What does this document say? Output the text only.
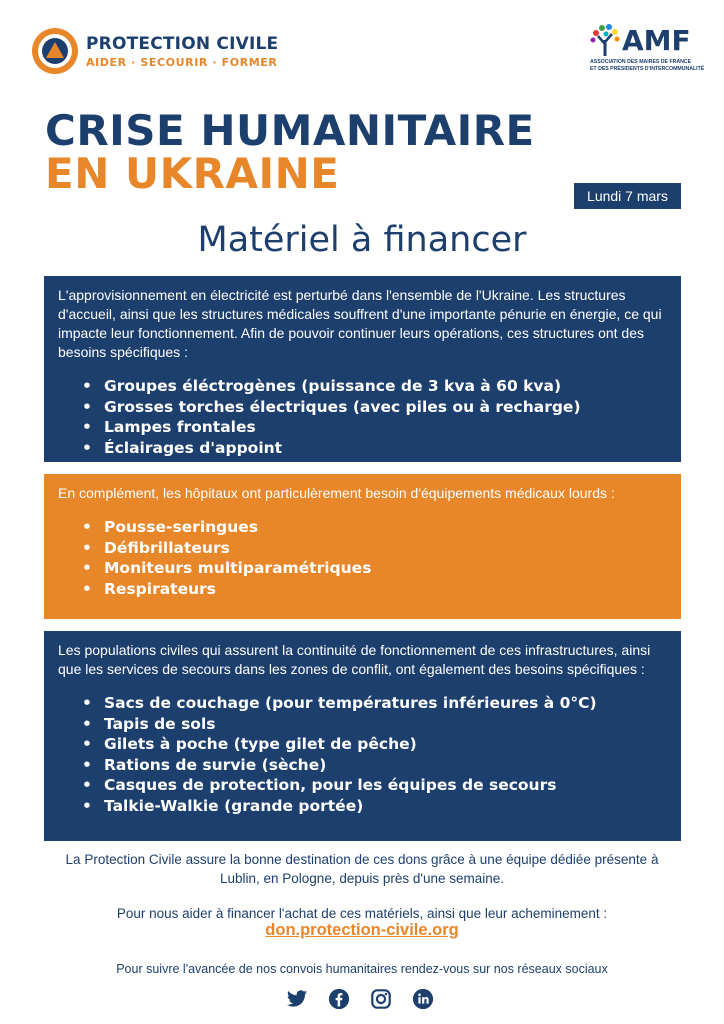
PROTECTION CIVILE
AIDER · SECOURIR · FORMER
AMF
ASSOCIATION DES MAIRES DE FRANCE
ET DES PRÉSIDENTS D'INTERCOMMUNALITÉ
CRISE HUMANITAIRE
EN UKRAINE	Lundi 7 mars
Matériel à financer

L'approvisionnement en électricité est perturbé dans l'ensemble de l'Ukraine. Les structures d'accueil, ainsi que les structures médicales souffrent d'une importante pénurie en énergie, ce qui impacte leur fonctionnement. Afin de pouvoir continuer leurs opérations, ces structures ont des besoins spécifiques :

• Groupes éléctrogènes (puissance de 3 kva à 60 kva)
• Grosses torches électriques (avec piles ou à recharge)
• Lampes frontales
• Éclairages d'appoint

En complément, les hôpitaux ont particulèrement besoin d'équipements médicaux lourds :

• Pousse-seringues
• Défibrillateurs
• Moniteurs multiparamétriques
• Respirateurs

Les populations civiles qui assurent la continuité de fonctionnement de ces infrastructures, ainsi que les services de secours dans les zones de conflit, ont également des besoins spécifiques :

• Sacs de couchage (pour températures inférieures à 0°C)
• Tapis de sols
• Gilets à poche (type gilet de pêche)
• Rations de survie (sèche)
• Casques de protection, pour les équipes de secours
• Talkie-Walkie (grande portée)

La Protection Civile assure la bonne destination de ces dons grâce à une équipe dédiée présente à Lublin, en Pologne, depuis près d'une semaine.

Pour nous aider à financer l'achat de ces matériels, ainsi que leur acheminement :

don.protection-civile.org

Pour suivre l'avancée de nos convois humanitaires rendez-vous sur nos réseaux sociaux
